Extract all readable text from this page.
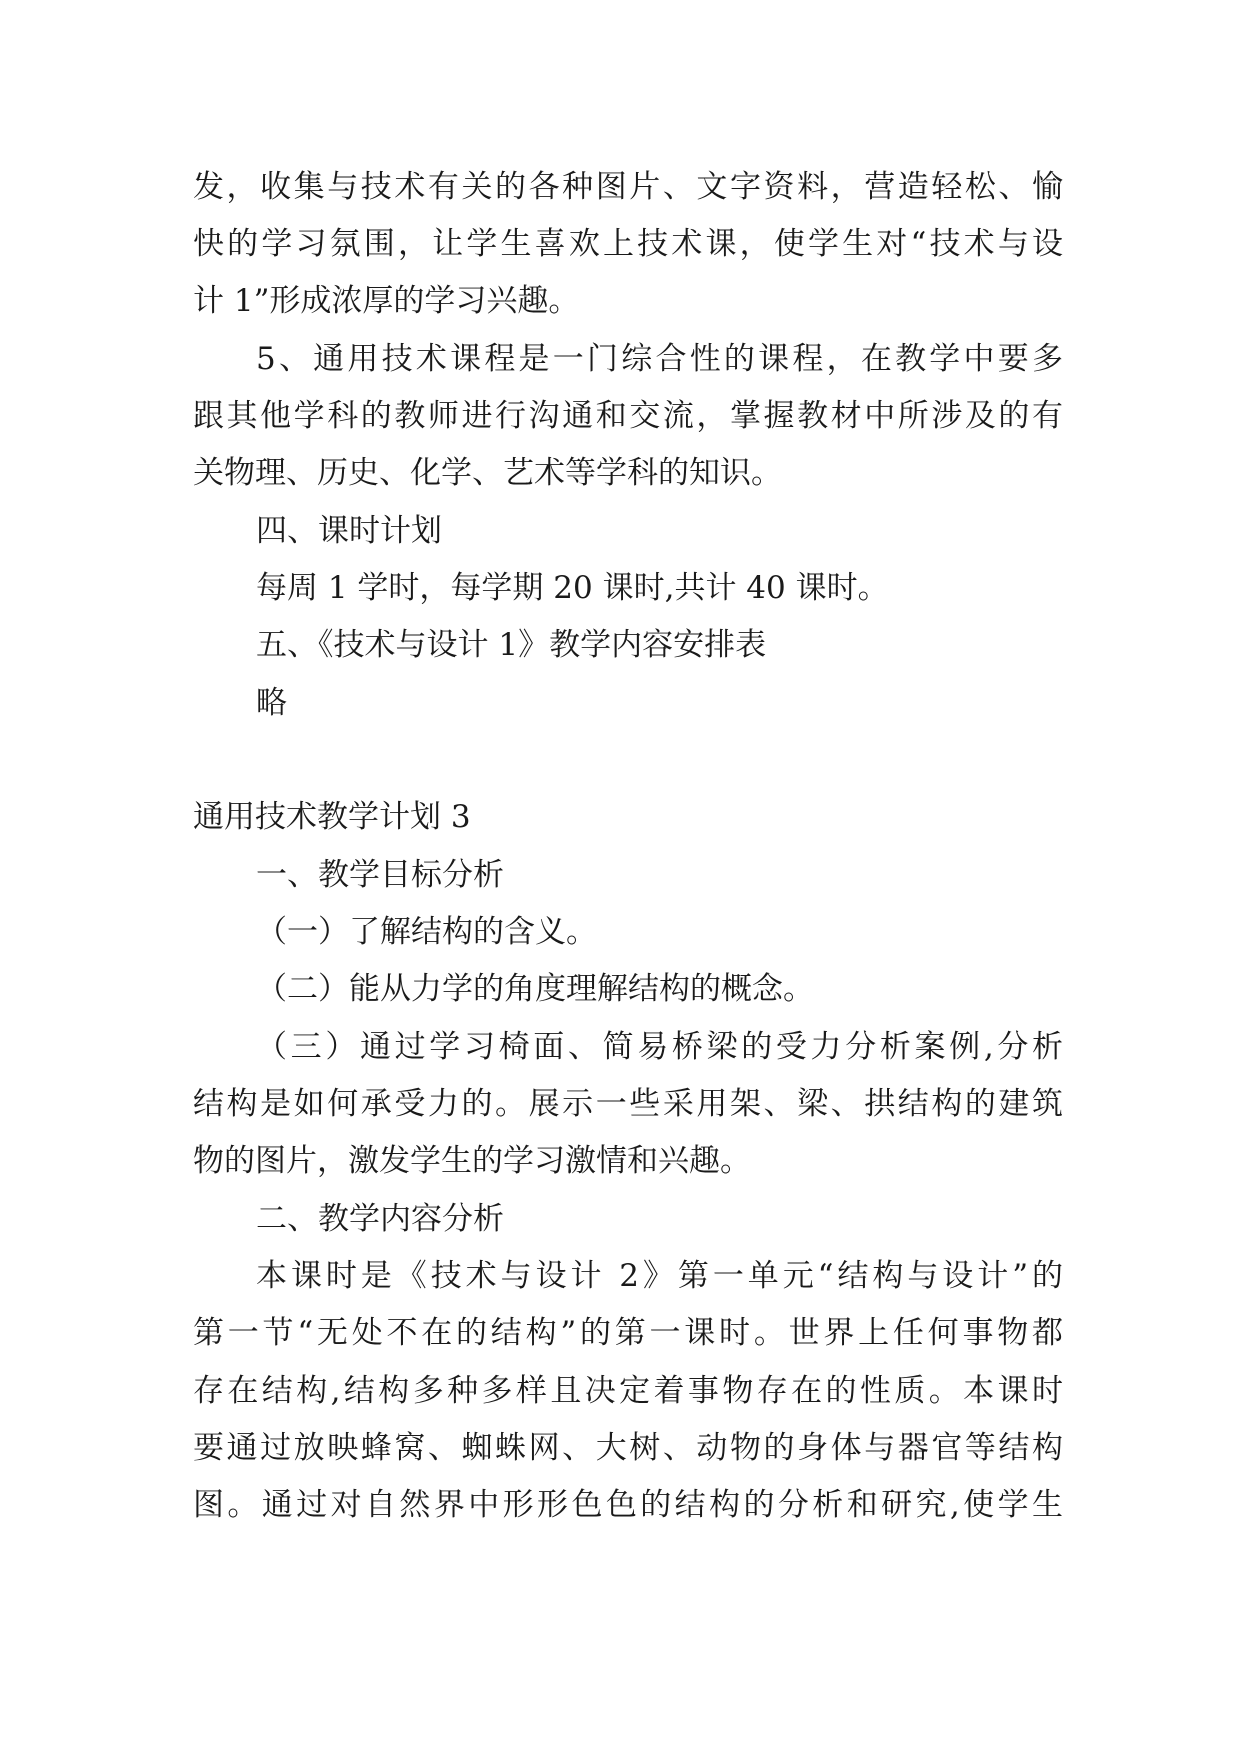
发，收集与技术有关的各种图片、文字资料，营造轻松、愉

快的学习氛围，让学生喜欢上技术课，使学生对“技术与设

计 1”形成浓厚的学习兴趣。

5、通用技术课程是一门综合性的课程，在教学中要多

跟其他学科的教师进行沟通和交流，掌握教材中所涉及的有

关物理、历史、化学、艺术等学科的知识。

四、课时计划

每周 1 学时，每学期 20 课时,共计 40 课时。

五、《技术与设计 1》教学内容安排表

略

通用技术教学计划 3

一、教学目标分析

（一）了解结构的含义。

（二）能从力学的角度理解结构的概念。

（三）通过学习椅面、简易桥梁的受力分析案例,分析

结构是如何承受力的。展示一些采用架、梁、拱结构的建筑

物的图片，激发学生的学习激情和兴趣。

二、教学内容分析

本课时是《技术与设计 2》第一单元“结构与设计”的

第一节“无处不在的结构”的第一课时。世界上任何事物都

存在结构,结构多种多样且决定着事物存在的性质。本课时

要通过放映蜂窝、蜘蛛网、大树、动物的身体与器官等结构

图。通过对自然界中形形色色的结构的分析和研究,使学生
